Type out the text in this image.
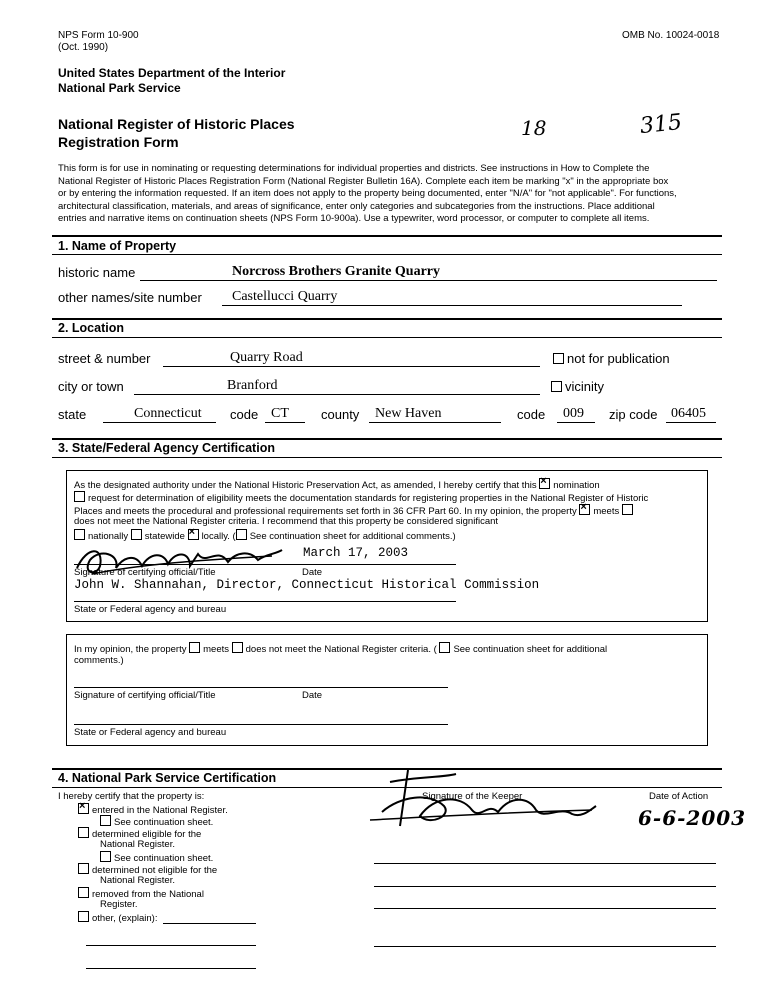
NPS Form 10-900
(Oct. 1990)
OMB No. 10024-0018
United States Department of the Interior
National Park Service
National Register of Historic Places
Registration Form
18	315
This form is for use in nominating or requesting determinations for individual properties and districts. See instructions in How to Complete the
National Register of Historic Places Registration Form (National Register Bulletin 16A). Complete each item be marking "x" in the appropriate box
or by entering the information requested. If an item does not apply to the property being documented, enter "N/A" for "not applicable". For functions,
architectural classification, materials, and areas of significance, enter only categories and subcategories from the instructions. Place additional
entries and narrative items on continuation sheets (NPS Form 10-900a). Use a typewriter, word processor, or computer to complete all items.
1. Name of Property
historic name	Norcross Brothers Granite Quarry
other names/site number Castellucci Quarry
2. Location
street & number	Quarry Road	not for publication
city or town	Branford	vicinity
state	Connecticut code CT county New Haven	code 009 zip code 06405
3. State/Federal Agency Certification
As the designated authority under the National Historic Preservation Act, as amended, I hereby certify that this × nomination
request for determination of eligibility meets the documentation standards for registering properties in the National Register of Historic
Places and meets the procedural and professional requirements set forth in 36 CFR Part 60. In my opinion, the property × meets
does not meet the National Register criteria. I recommend that this property be considered significant
nationally statewide × locally. ( See continuation sheet for additional comments.)
March 17, 2003
Signature of certifying official/Title	Date
John W. Shannahan, Director, Connecticut Historical Commission
State or Federal agency and bureau
In my opinion, the property meets does not meet the National Register criteria. ( See continuation sheet for additional
comments.)
Signature of certifying official/Title	Date
State or Federal agency and bureau
4. National Park Service Certification
I hereby certify that the property is:
×entered in the National Register.
See continuation sheet.
determined eligible for the
National Register.
See continuation sheet.
determined not eligible for the
National Register.
removed from the National
Register.
other, (explain):
Signature of the Keeper	Date of Action
6-6-2003
